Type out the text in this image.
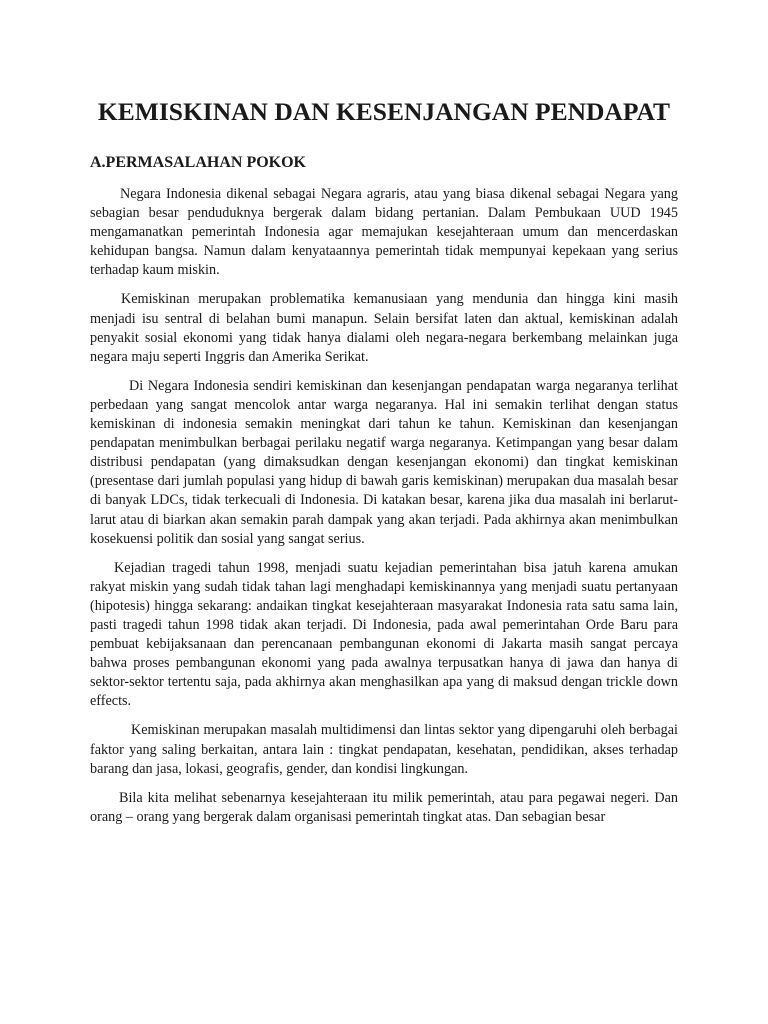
KEMISKINAN DAN KESENJANGAN PENDAPAT
A.PERMASALAHAN POKOK

Negara Indonesia dikenal sebagai Negara agraris, atau yang biasa dikenal sebagai Negara yang sebagian besar penduduknya bergerak dalam bidang pertanian. Dalam Pembukaan UUD 1945 mengamanatkan pemerintah Indonesia agar memajukan kesejahteraan umum dan mencerdaskan kehidupan bangsa. Namun dalam kenyataannya pemerintah tidak mempunyai kepekaan yang serius terhadap kaum miskin.

Kemiskinan merupakan problematika kemanusiaan yang mendunia dan hingga kini masih menjadi isu sentral di belahan bumi manapun. Selain bersifat laten dan aktual, kemiskinan adalah penyakit sosial ekonomi yang tidak hanya dialami oleh negara-negara berkembang melainkan juga negara maju seperti Inggris dan Amerika Serikat.

Di Negara Indonesia sendiri kemiskinan dan kesenjangan pendapatan warga negaranya terlihat perbedaan yang sangat mencolok antar warga negaranya. Hal ini semakin terlihat dengan status kemiskinan di indonesia semakin meningkat dari tahun ke tahun. Kemiskinan dan kesenjangan pendapatan menimbulkan berbagai perilaku negatif warga negaranya. Ketimpangan yang besar dalam distribusi pendapatan (yang dimaksudkan dengan kesenjangan ekonomi) dan tingkat kemiskinan (presentase dari jumlah populasi yang hidup di bawah garis kemiskinan) merupakan dua masalah besar di banyak LDCs, tidak terkecuali di Indonesia. Di katakan besar, karena jika dua masalah ini berlarut-larut atau di biarkan akan semakin parah dampak yang akan terjadi. Pada akhirnya akan menimbulkan kosekuensi politik dan sosial yang sangat serius.

Kejadian tragedi tahun 1998, menjadi suatu kejadian pemerintahan bisa jatuh karena amukan rakyat miskin yang sudah tidak tahan lagi menghadapi kemiskinannya yang menjadi suatu pertanyaan (hipotesis) hingga sekarang: andaikan tingkat kesejahteraan masyarakat Indonesia rata satu sama lain, pasti tragedi tahun 1998 tidak akan terjadi. Di Indonesia, pada awal pemerintahan Orde Baru para pembuat kebijaksanaan dan perencanaan pembangunan ekonomi di Jakarta masih sangat percaya bahwa proses pembangunan ekonomi yang pada awalnya terpusatkan hanya di jawa dan hanya di sektor-sektor tertentu saja, pada akhirnya akan menghasilkan apa yang di maksud dengan trickle down effects.

Kemiskinan merupakan masalah multidimensi dan lintas sektor yang dipengaruhi oleh berbagai faktor yang saling berkaitan, antara lain : tingkat pendapatan, kesehatan, pendidikan, akses terhadap barang dan jasa, lokasi, geografis, gender, dan kondisi lingkungan.

Bila kita melihat sebenarnya kesejahteraan itu milik pemerintah, atau para pegawai negeri. Dan orang – orang yang bergerak dalam organisasi pemerintah tingkat atas. Dan sebagian besar
